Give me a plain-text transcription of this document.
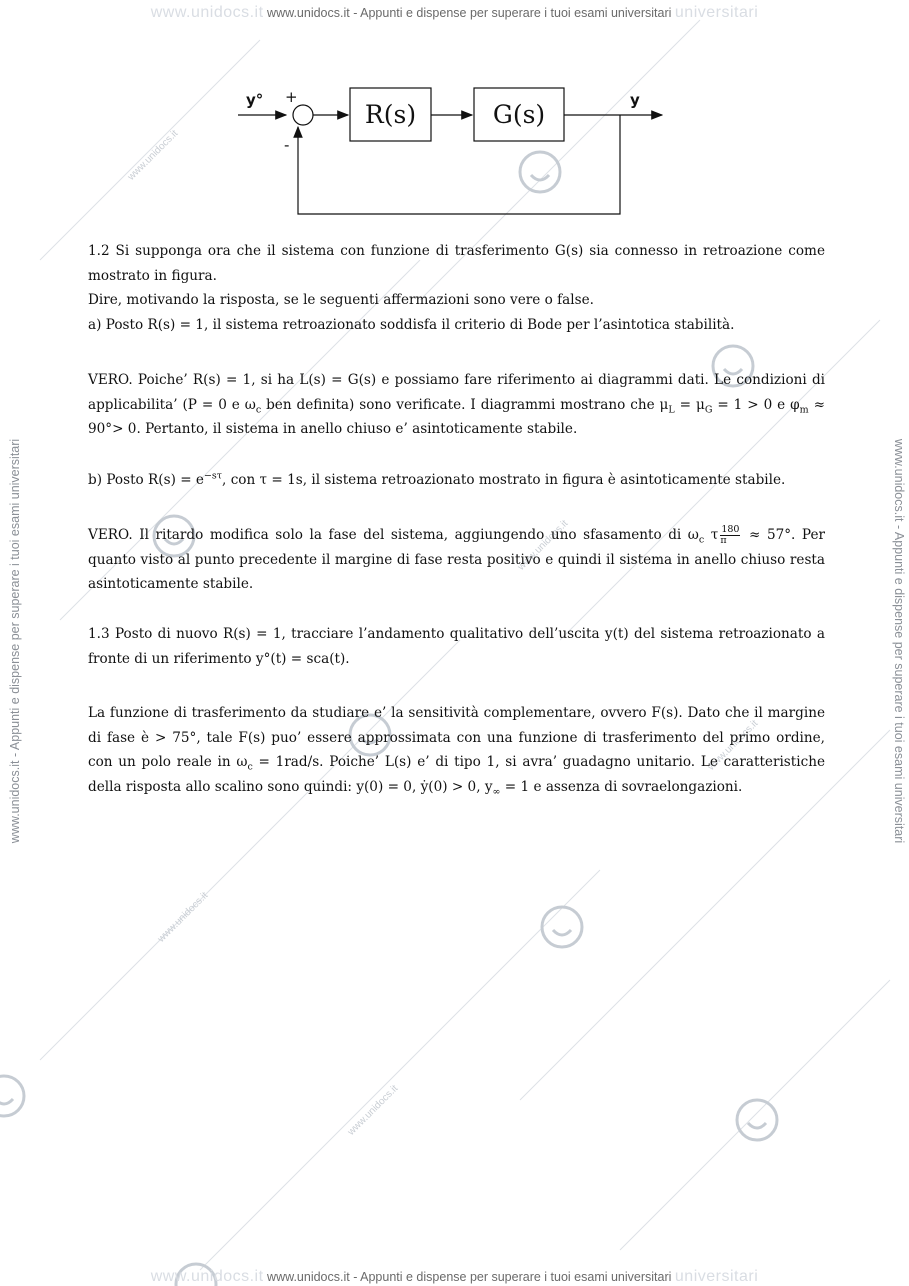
www.unidocs.it
www.unidocs.it
www.unidocs.it
www.unidocs.it
www.unidocs.it
www.unidocs.it www.unidocs.it - Appunti e dispense per superare i tuoi esami universitari universitari
www.unidocs.it www.unidocs.it - Appunti e dispense per superare i tuoi esami universitari universitari
www.unidocs.it - Appunti e dispense per superare i tuoi esami universitari	www.unidocs.it - Appunti e dispense per superare i tuoi esami universitari
y° +
-
R(s)	G(s)	y

1.2 Si supponga ora che il sistema con funzione di trasferimento G(s) sia connesso in retroazione come mostrato in figura.

Dire, motivando la risposta, se le seguenti affermazioni sono vere o false.

a) Posto R(s) = 1, il sistema retroazionato soddisfa il criterio di Bode per l’asintotica stabilità.

VERO. Poiche’ R(s) = 1, si ha L(s) = G(s) e possiamo fare riferimento ai diagrammi dati. Le condizioni di applicabilita’ (P = 0 e $\omega_c$ ben definita) sono verificate. I diagrammi mostrano che $\mu_L = \mu_G = 1 > 0$ e $\varphi_m \approx 90^\circ> 0$. Pertanto, il sistema in anello chiuso e’ asintoticamente stabile.

b) Posto $R(s) = e^{-s\tau}$, con τ = 1s, il sistema retroazionato mostrato in figura è asintoticamente stabile.

VERO. Il ritardo modifica solo la fase del sistema, aggiungendo uno sfasamento di $\omega_c$ τ $\frac{180}{\pi} \approx 57^\circ$. Per quanto visto al punto precedente il margine di fase resta positivo e quindi il sistema in anello chiuso resta asintoticamente stabile.

1.3 Posto di nuovo R(s) = 1, tracciare l’andamento qualitativo dell’uscita y(t) del sistema retroazionato a fronte di un riferimento y°(t) = sca(t).

La funzione di trasferimento da studiare e’ la sensitività complementare, ovvero F(s). Dato che il margine di fase è > 75°, tale F(s) puo’ essere approssimata con una funzione di trasferimento del primo ordine, con un polo reale in $\omega_c = 1rad/s$. Poiche’ L(s) e’ di tipo 1, si avra’ guadagno unitario. Le caratteristiche della risposta allo scalino sono quindi: y(0) = 0, ẏ(0) > 0, $y_\infty = 1$ e assenza di sovraelongazioni.
